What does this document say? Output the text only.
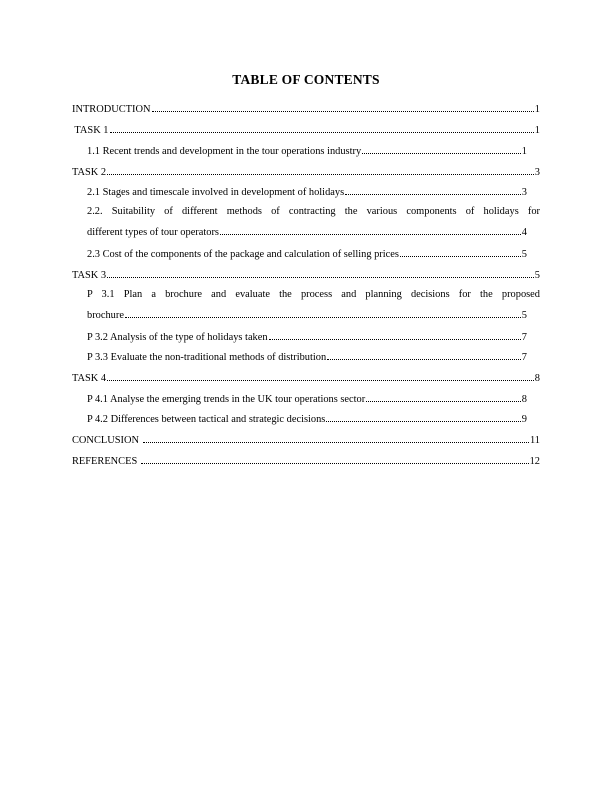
TABLE OF CONTENTS
INTRODUCTION	1
TASK 1	1
1.1 Recent trends and development in the tour operations industry	1
TASK 2	3
2.1 Stages and timescale involved in development of holidays	3
2.2. Suitability of different methods of contracting the various components of holidays for
different types of tour operators	4
2.3 Cost of the components of the package and calculation of selling prices	5
TASK 3	5
P 3.1 Plan a brochure and evaluate the process and planning decisions for the proposed
brochure	5
P 3.2 Analysis of the type of holidays taken	7
P 3.3 Evaluate the non-traditional methods of distribution	7
TASK 4	8
P 4.1 Analyse the emerging trends in the UK tour operations sector	8
P 4.2 Differences between tactical and strategic decisions	9
CONCLUSION	11
REFERENCES	12
